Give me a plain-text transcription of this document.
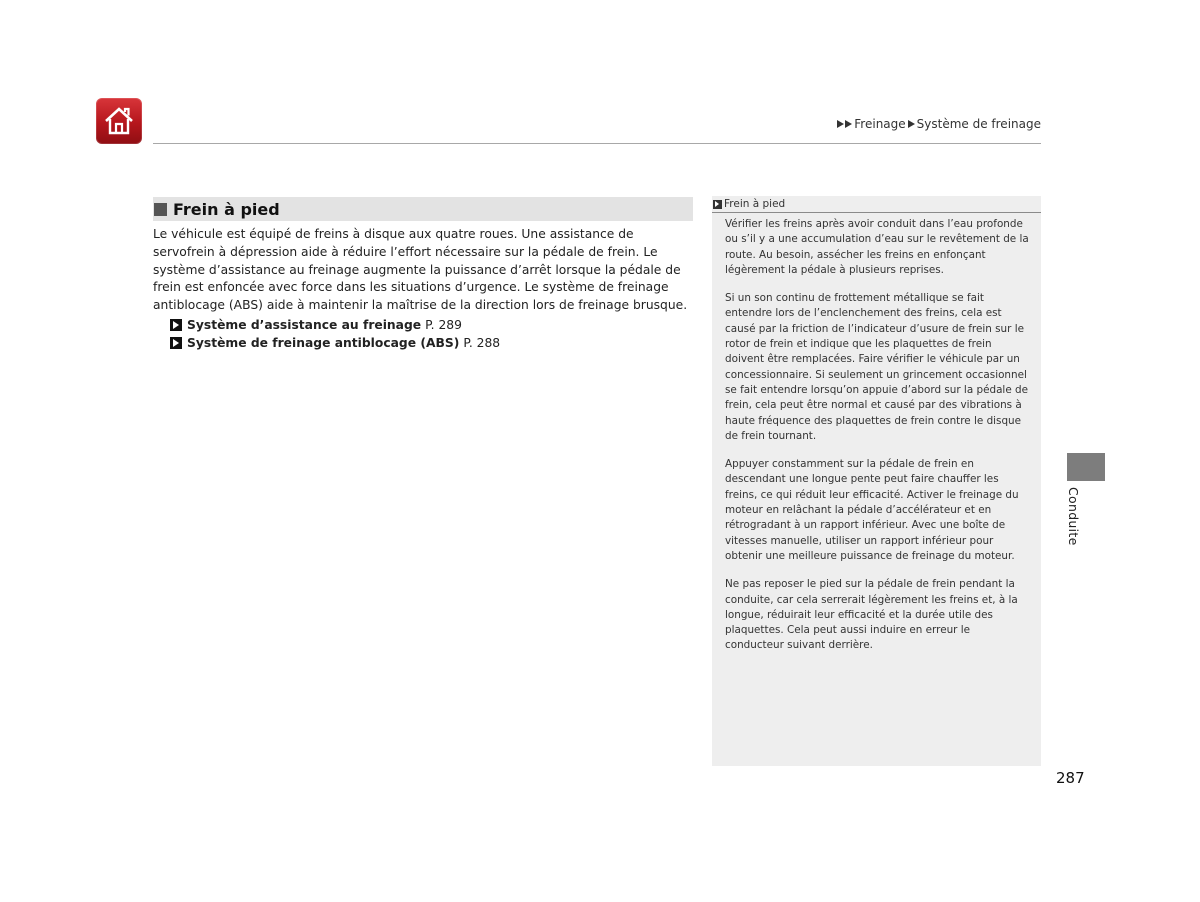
Freinage Système de freinage
Frein à pied
Le véhicule est équipé de freins à disque aux quatre roues. Une assistance de servofrein à dépression aide à réduire l’effort nécessaire sur la pédale de frein. Le système d’assistance au freinage augmente la puissance d’arrêt lorsque la pédale de frein est enfoncée avec force dans les situations d’urgence. Le système de freinage antiblocage (ABS) aide à maintenir la maîtrise de la direction lors de freinage brusque.
Système d’assistance au freinage P. 289
Système de freinage antiblocage (ABS) P. 288
Frein à pied

Vérifier les freins après avoir conduit dans l’eau profonde ou s’il y a une accumulation d’eau sur le revêtement de la route. Au besoin, assécher les freins en enfonçant légèrement la pédale à plusieurs reprises.

Si un son continu de frottement métallique se fait entendre lors de l’enclenchement des freins, cela est causé par la friction de l’indicateur d’usure de frein sur le rotor de frein et indique que les plaquettes de frein doivent être remplacées. Faire vérifier le véhicule par un concessionnaire. Si seulement un grincement occasionnel se fait entendre lorsqu’on appuie d’abord sur la pédale de frein, cela peut être normal et causé par des vibrations à haute fréquence des plaquettes de frein contre le disque de frein tournant.

Appuyer constamment sur la pédale de frein en descendant une longue pente peut faire chauffer les freins, ce qui réduit leur efficacité. Activer le freinage du moteur en relâchant la pédale d’accélérateur et en rétrogradant à un rapport inférieur. Avec une boîte de vitesses manuelle, utiliser un rapport inférieur pour obtenir une meilleure puissance de freinage du moteur.

Ne pas reposer le pied sur la pédale de frein pendant la conduite, car cela serrerait légèrement les freins et, à la longue, réduirait leur efficacité et la durée utile des plaquettes. Cela peut aussi induire en erreur le conducteur suivant derrière.

Conduite
287
